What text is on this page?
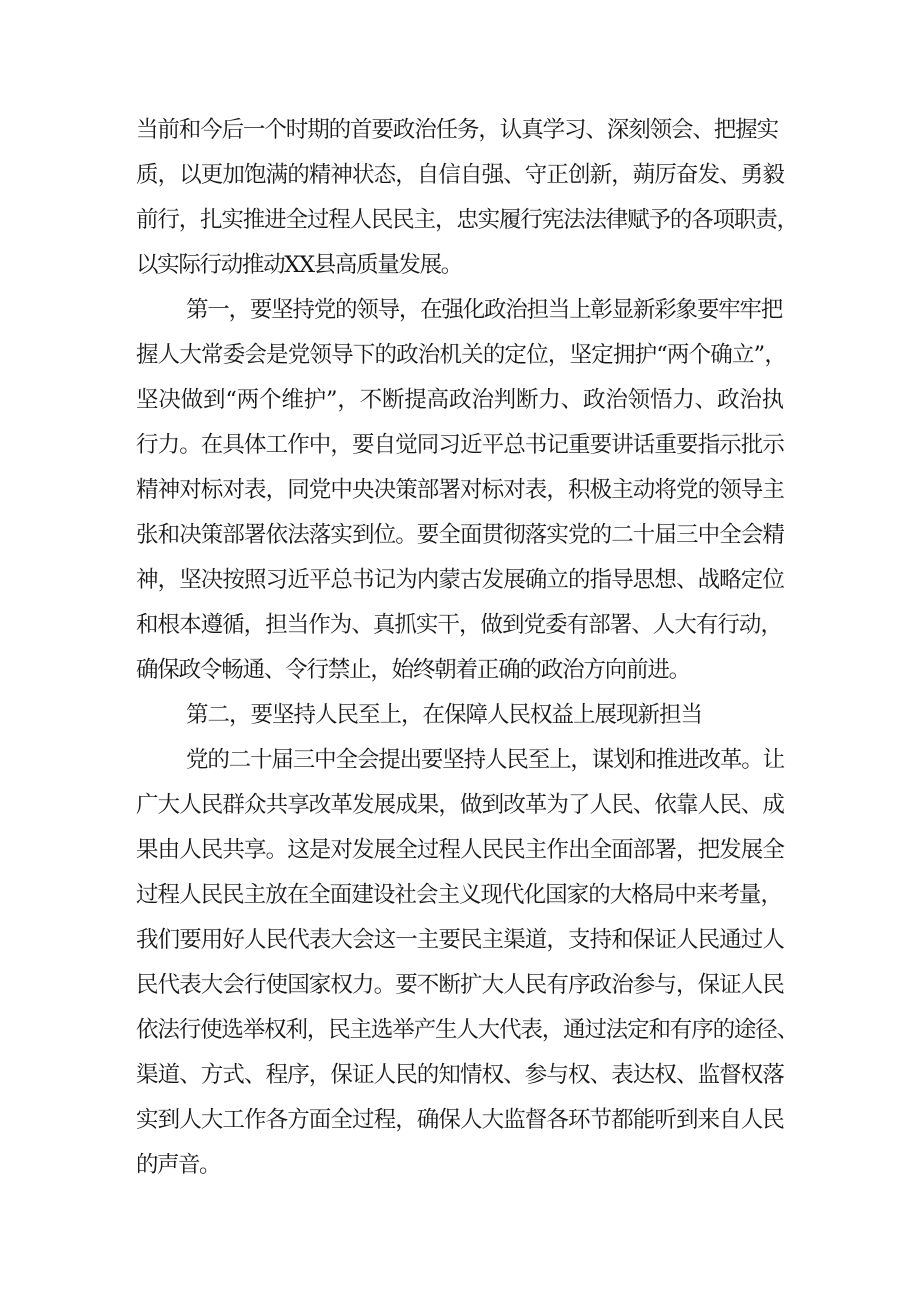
当前和今后一个时期的首要政治任务，认真学习、深刻领会、把握实
质，以更加饱满的精神状态，自信自强、守正创新，蒴厉奋发、勇毅
前行，扎实推进全过程人民民主，忠实履行宪法法律赋予的各项职责，
以实际行动推动XX县高质量发展。
第一，要坚持党的领导，在强化政治担当上彰显新彩象要牢牢把
握人大常委会是党领导下的政治机关的定位，坚定拥护“两个确立”，
坚决做到“两个维护”，不断提高政治判断力、政治领悟力、政治执
行力。在具体工作中，要自觉同习近平总书记重要讲话重要指示批示
精神对标对表，同党中央决策部署对标对表，积极主动将党的领导主
张和决策部署依法落实到位。要全面贯彻落实党的二十届三中全会精
神，坚决按照习近平总书记为内蒙古发展确立的指导思想、战略定位
和根本遵循，担当作为、真抓实干，做到党委有部署、人大有行动，
确保政令畅通、令行禁止，始终朝着正确的政治方向前进。
第二，要坚持人民至上，在保障人民权益上展现新担当
党的二十届三中全会提出要坚持人民至上，谋划和推进改革。让
广大人民群众共享改革发展成果，做到改革为了人民、依靠人民、成
果由人民共享。这是对发展全过程人民民主作出全面部署，把发展全
过程人民民主放在全面建设社会主义现代化国家的大格局中来考量，
我们要用好人民代表大会这一主要民主渠道，支持和保证人民通过人
民代表大会行使国家权力。要不断扩大人民有序政治参与，保证人民
依法行使选举权利，民主选举产生人大代表，通过法定和有序的途径、
渠道、方式、程序，保证人民的知情权、参与权、表达权、监督权落
实到人大工作各方面全过程，确保人大监督各环节都能听到来自人民
的声音。
